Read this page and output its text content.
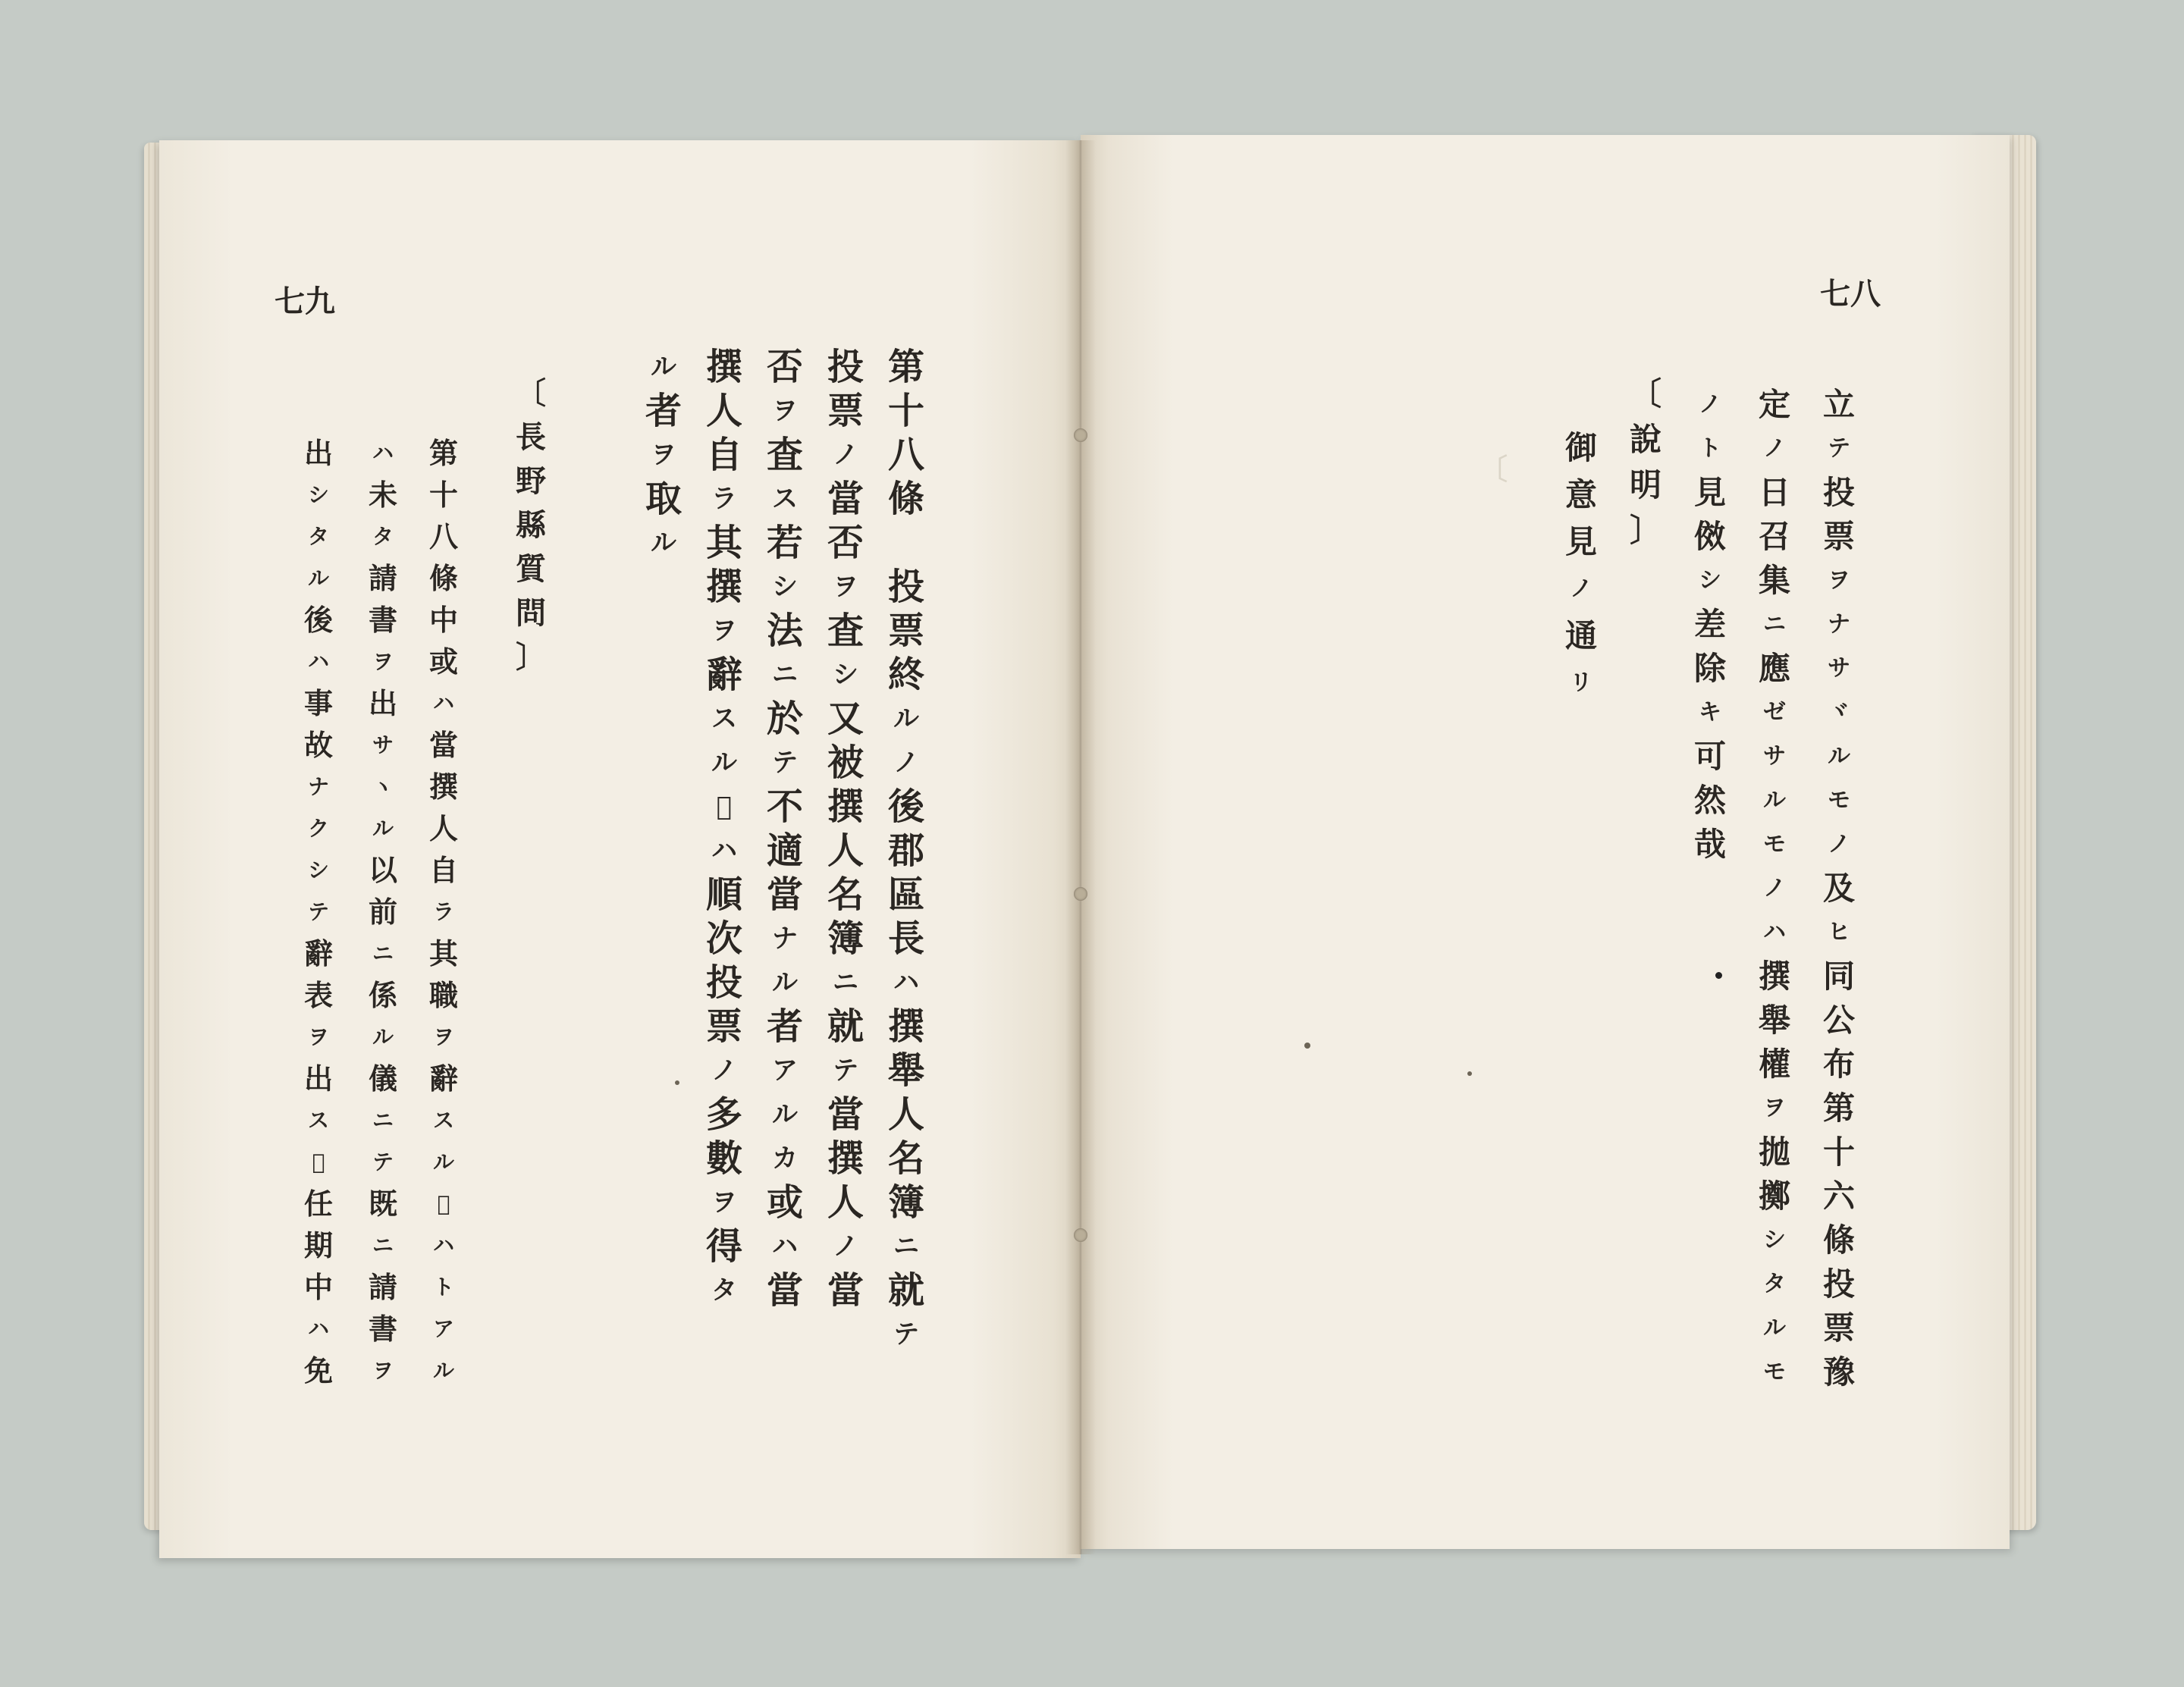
〔

七八
七九
立
テ
投
票
ヲ
ナ
サ
ヾ
ル
モ
ノ
及
ヒ
同
公
布
第
十
六
條
投
票
豫
定
ノ
日
召
集
ニ
應
ゼ
サ
ル
モ
ノ
ハ
撰
舉
權
ヲ
拋
擲
シ
タ
ル
モ
ノ
ト
見
傚
シ
差
除
キ
可
然
哉
〔
說
明
〕
御
意
見
ノ
通
リ
第
十
八
條

投
票
終
ル
ノ
後
郡
區
長
ハ
撰
舉
人
名
簿
ニ
就
テ
投
票
ノ
當
否
ヲ
査
シ
又
被
撰
人
名
簿
ニ
就
テ
當
撰
人
ノ
當
否
ヲ
査
ス
若
シ
法
ニ
於
テ
不
適
當
ナ
ル
者
ア
ル
カ
或
ハ
當
撰
人
自
ラ
其
撰
ヲ
辭
ス
ル
𪜈
ハ
順
次
投
票
ノ
多
數
ヲ
得
タ
ル
者
ヲ
取
ル
〔
長
野
縣
質
問
〕
第
十
八
條
中
或
ハ
當
撰
人
自
ラ
其
職
ヲ
辭
ス
ル
𪜈
ハ
ト
ア
ル
ハ
未
タ
請
書
ヲ
出
サ
ヽ
ル
以
前
ニ
係
ル
儀
ニ
テ
既
ニ
請
書
ヲ
出
シ
タ
ル
後
ハ
事
故
ナ
ク
シ
テ
辭
表
ヲ
出
ス
𪜈
任
期
中
ハ
免
